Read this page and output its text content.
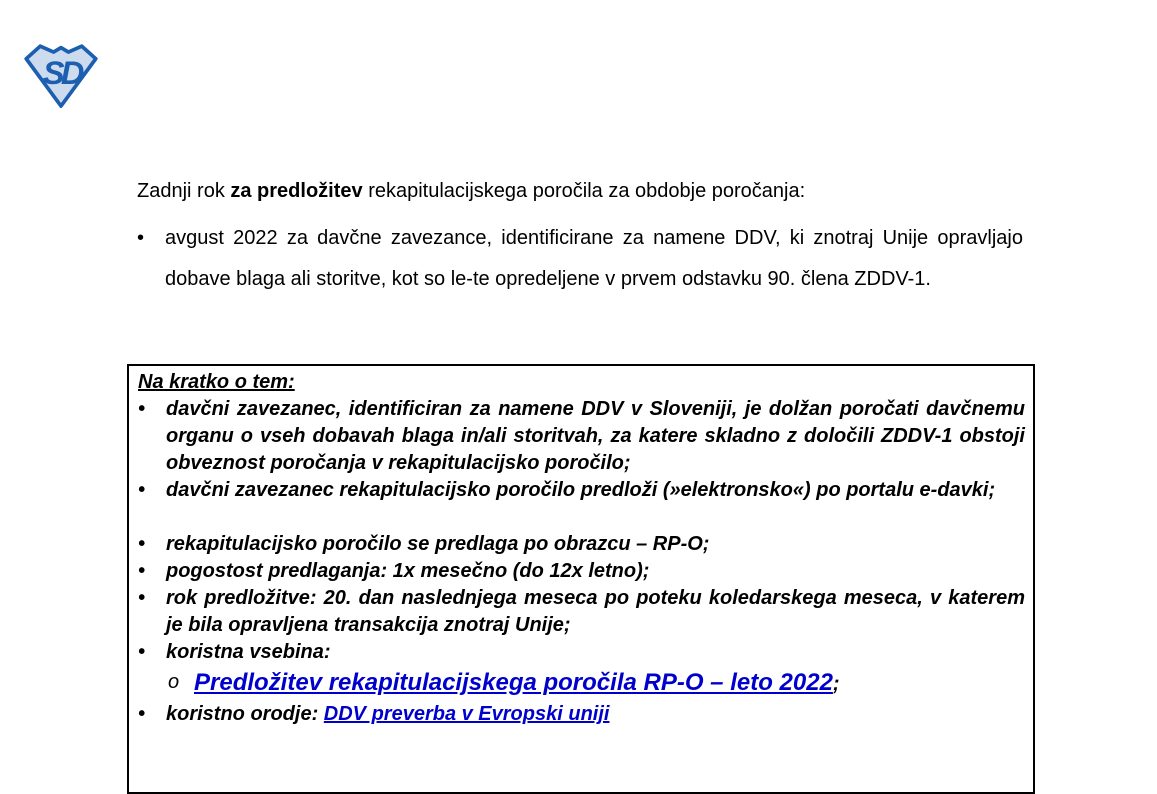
SD
Zadnji rok za predložitev rekapitulacijskega poročila za obdobje poročanja:
•	avgust 2022 za davčne zavezance, identificirane za namene DDV, ki znotraj Unije opravljajo dobave blaga ali storitve, kot so le-te opredeljene v prvem odstavku 90. člena ZDDV-1.
Na kratko o tem:
•	davčni zavezanec, identificiran za namene DDV v Sloveniji, je dolžan poročati davčnemu organu o vseh dobavah blaga in/ali storitvah, za katere skladno z določili ZDDV-1 obstoji obveznost poročanja v rekapitulacijsko poročilo;
•	davčni zavezanec rekapitulacijsko poročilo predloži (»elektronsko«) po portalu e-davki;
•	rekapitulacijsko poročilo se predlaga po obrazcu – RP-O;
•	pogostost predlaganja: 1x mesečno (do 12x letno);
•	rok predložitve: 20. dan naslednjega meseca po poteku koledarskega meseca, v katerem je bila opravljena transakcija znotraj Unije;
•	koristna vsebina:
o Predložitev rekapitulacijskega poročila RP-O – leto 2022;
•	koristno orodje: DDV preverba v Evropski uniji
